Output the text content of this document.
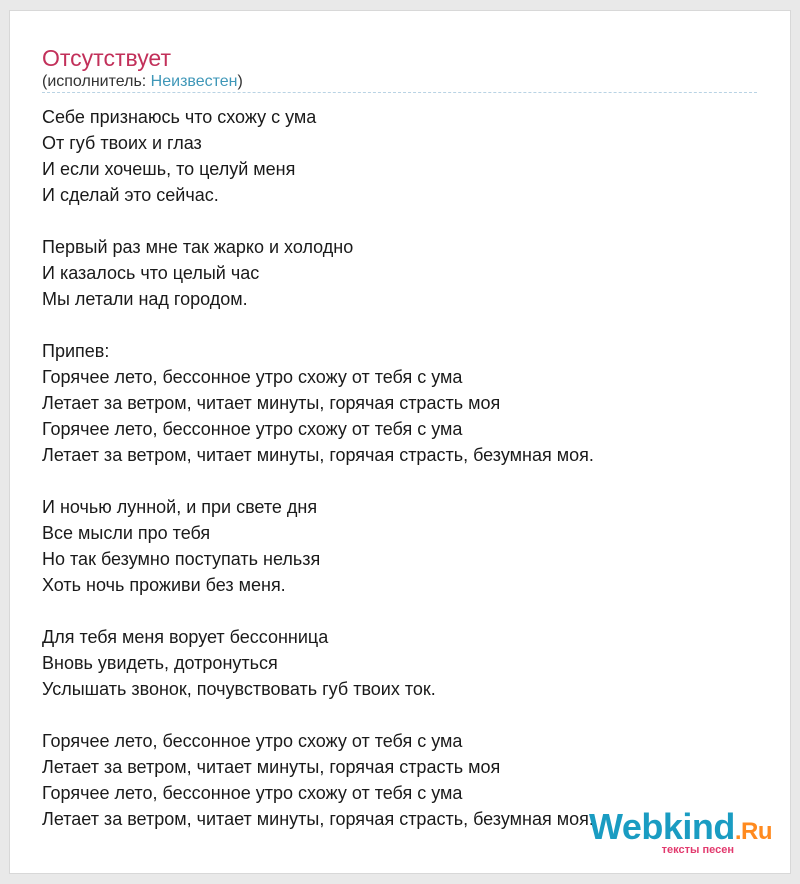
Отсутствует
(исполнитель: Неизвестен)
Себе признаюсь что схожу с ума
От губ твоих и глаз
И если хочешь, то целуй меня
И сделай это сейчас.
Первый раз мне так жарко и холодно
И казалось что целый час
Мы летали над городом.
Припев:
Горячее лето, бессонное утро схожу от тебя с ума
Летает за ветром, читает минуты, горячая страсть моя
Горячее лето, бессонное утро схожу от тебя с ума
Летает за ветром, читает минуты, горячая страсть, безумная моя.
И ночью лунной, и при свете дня
Все мысли про тебя
Но так безумно поступать нельзя
Хоть ночь проживи без меня.
Для тебя меня ворует бессонница
Вновь увидеть, дотронуться
Услышать звонок, почувствовать губ твоих ток.
Горячее лето, бессонное утро схожу от тебя с ума
Летает за ветром, читает минуты, горячая страсть моя
Горячее лето, бессонное утро схожу от тебя с ума
Летает за ветром, читает минуты, горячая страсть, безумная моя.
Webkind.Ru
тексты песен
